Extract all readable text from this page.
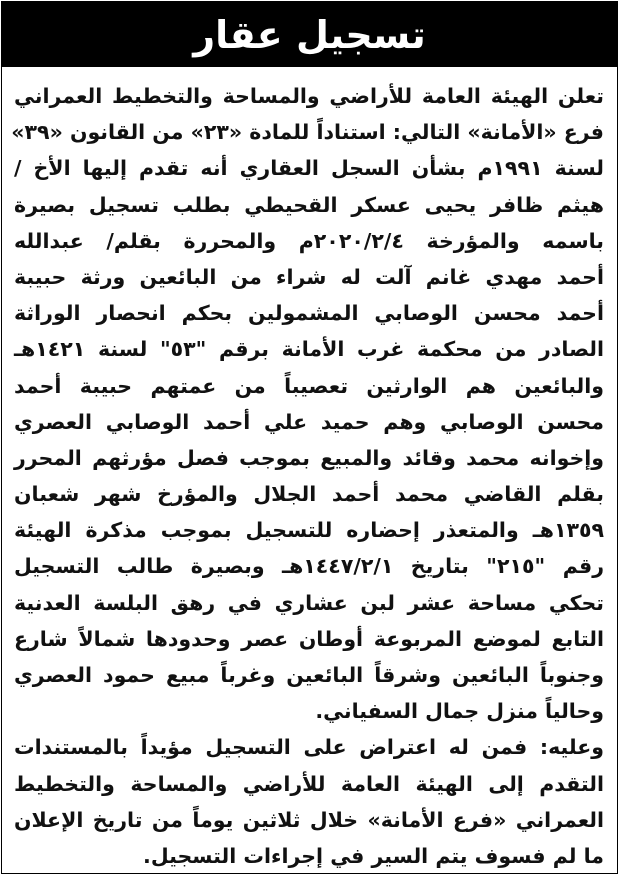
تسجيل عقار
تعلن الهيئة العامة للأراضي والمساحة والتخطيط العمراني
فرع «الأمانة» التالي: استناداً للمادة «٢٣» من القانون «٣٩»
لسنة ١٩٩١م بشأن السجل العقاري أنه تقدم إليها الأخ /
هيثم ظافر يحيى عسكر القحيطي بطلب تسجيل بصيرة
باسمه والمؤرخة ٢٠٢٠/٢/٤م والمحررة بقلم/ عبدالله
أحمد مهدي غانم آلت له شراء من البائعين ورثة حبيبة
أحمد محسن الوصابي المشمولين بحكم انحصار الوراثة
الصادر من محكمة غرب الأمانة برقم "٥٣" لسنة ١٤٢١هـ
والبائعين هم الوارثين تعصيباً من عمتهم حبيبة أحمد
محسن الوصابي وهم حميد علي أحمد الوصابي العصري
وإخوانه محمد وقائد والمبيع بموجب فصل مؤرثهم المحرر
بقلم القاضي محمد أحمد الجلال والمؤرخ شهر شعبان
١٣٥٩هـ والمتعذر إحضاره للتسجيل بموجب مذكرة الهيئة
رقم "٢١٥" بتاريخ ١٤٤٧/٢/١هـ وبصيرة طالب التسجيل
تحكي مساحة عشر لبن عشاري في رهق البلسة العدنية
التابع لموضع المربوعة أوطان عصر وحدودها شمالاً شارع
وجنوباً البائعين وشرقاً البائعين وغرباً مبيع حمود العصري
وحالياً منزل جمال السفياني.
وعليه: فمن له اعتراض على التسجيل مؤيداً بالمستندات
التقدم إلى الهيئة العامة للأراضي والمساحة والتخطيط
العمراني «فرع الأمانة» خلال ثلاثين يوماً من تاريخ الإعلان
ما لم فسوف يتم السير في إجراءات التسجيل.
